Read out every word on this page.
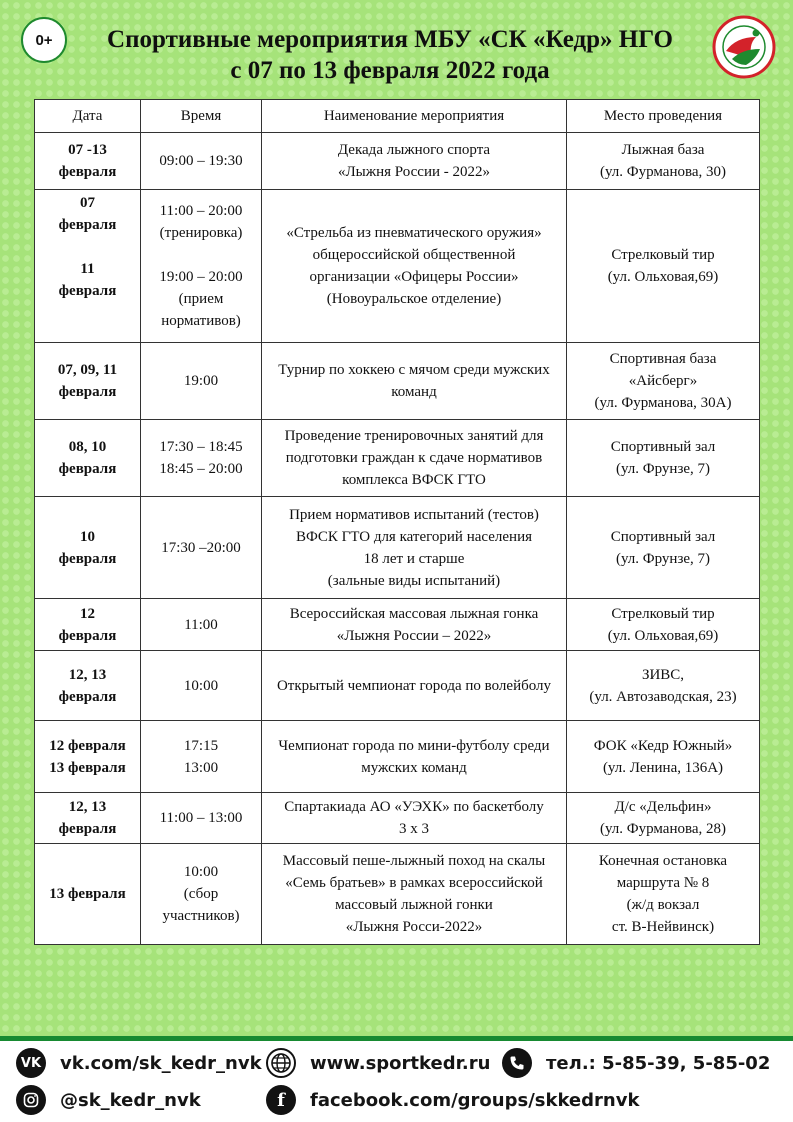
0+	Спортивные мероприятия МБУ «СК «Кедр» НГО
с 07 по 13 февраля 2022 года
Дата	Время	Наименование мероприятия	Место проведения
07 -13
февраля	09:00 – 19:30	Декада лыжного спорта
«Лыжня России - 2022»	Лыжная база
(ул. Фурманова, 30)
07
февраля

11
февраля	11:00 – 20:00
(тренировка)

19:00 – 20:00
(прием
нормативов)	«Стрельба из пневматического оружия»
общероссийской общественной
организации «Офицеры России»
(Новоуральское отделение)	Стрелковый тир
(ул. Ольховая,69)
07, 09, 11
февраля	19:00	Турнир по хоккею с мячом среди мужских
команд	Спортивная база
«Айсберг»
(ул. Фурманова, 30А)
08, 10
февраля	17:30 – 18:45
18:45 – 20:00	Проведение тренировочных занятий для
подготовки граждан к сдаче нормативов
комплекса ВФСК ГТО	Спортивный зал
(ул. Фрунзе, 7)
10
февраля	17:30 –20:00	Прием нормативов испытаний (тестов)
ВФСК ГТО для категорий населения
18 лет и старше
(зальные виды испытаний)	Спортивный зал
(ул. Фрунзе, 7)
12
февраля	11:00	Всероссийская массовая лыжная гонка
«Лыжня России – 2022»	Стрелковый тир
(ул. Ольховая,69)
12, 13
февраля	10:00	Открытый чемпионат города по волейболу	ЗИВС,
(ул. Автозаводская, 23)
12 февраля
13 февраля	17:15
13:00	Чемпионат города по мини-футболу среди
мужских команд	ФОК «Кедр Южный»
(ул. Ленина, 136А)
12, 13
февраля	11:00 – 13:00	Спартакиада АО «УЭХК» по баскетболу
3 х 3	Д/с «Дельфин»
(ул. Фурманова, 28)
13 февраля	10:00
(сбор
участников)	Массовый пеше-лыжный поход на скалы
«Семь братьев» в рамках всероссийской
массовый лыжной гонки
«Лыжня Росси-2022»	Конечная остановка
маршрута № 8
(ж/д вокзал
ст. В-Нейвинск)
VK vk.com/sk_kedr_nvk	www.sportkedr.ru	тел.: 5-85-39, 5-85-02
@sk_kedr_nvk	f	facebook.com/groups/skkedrnvk
